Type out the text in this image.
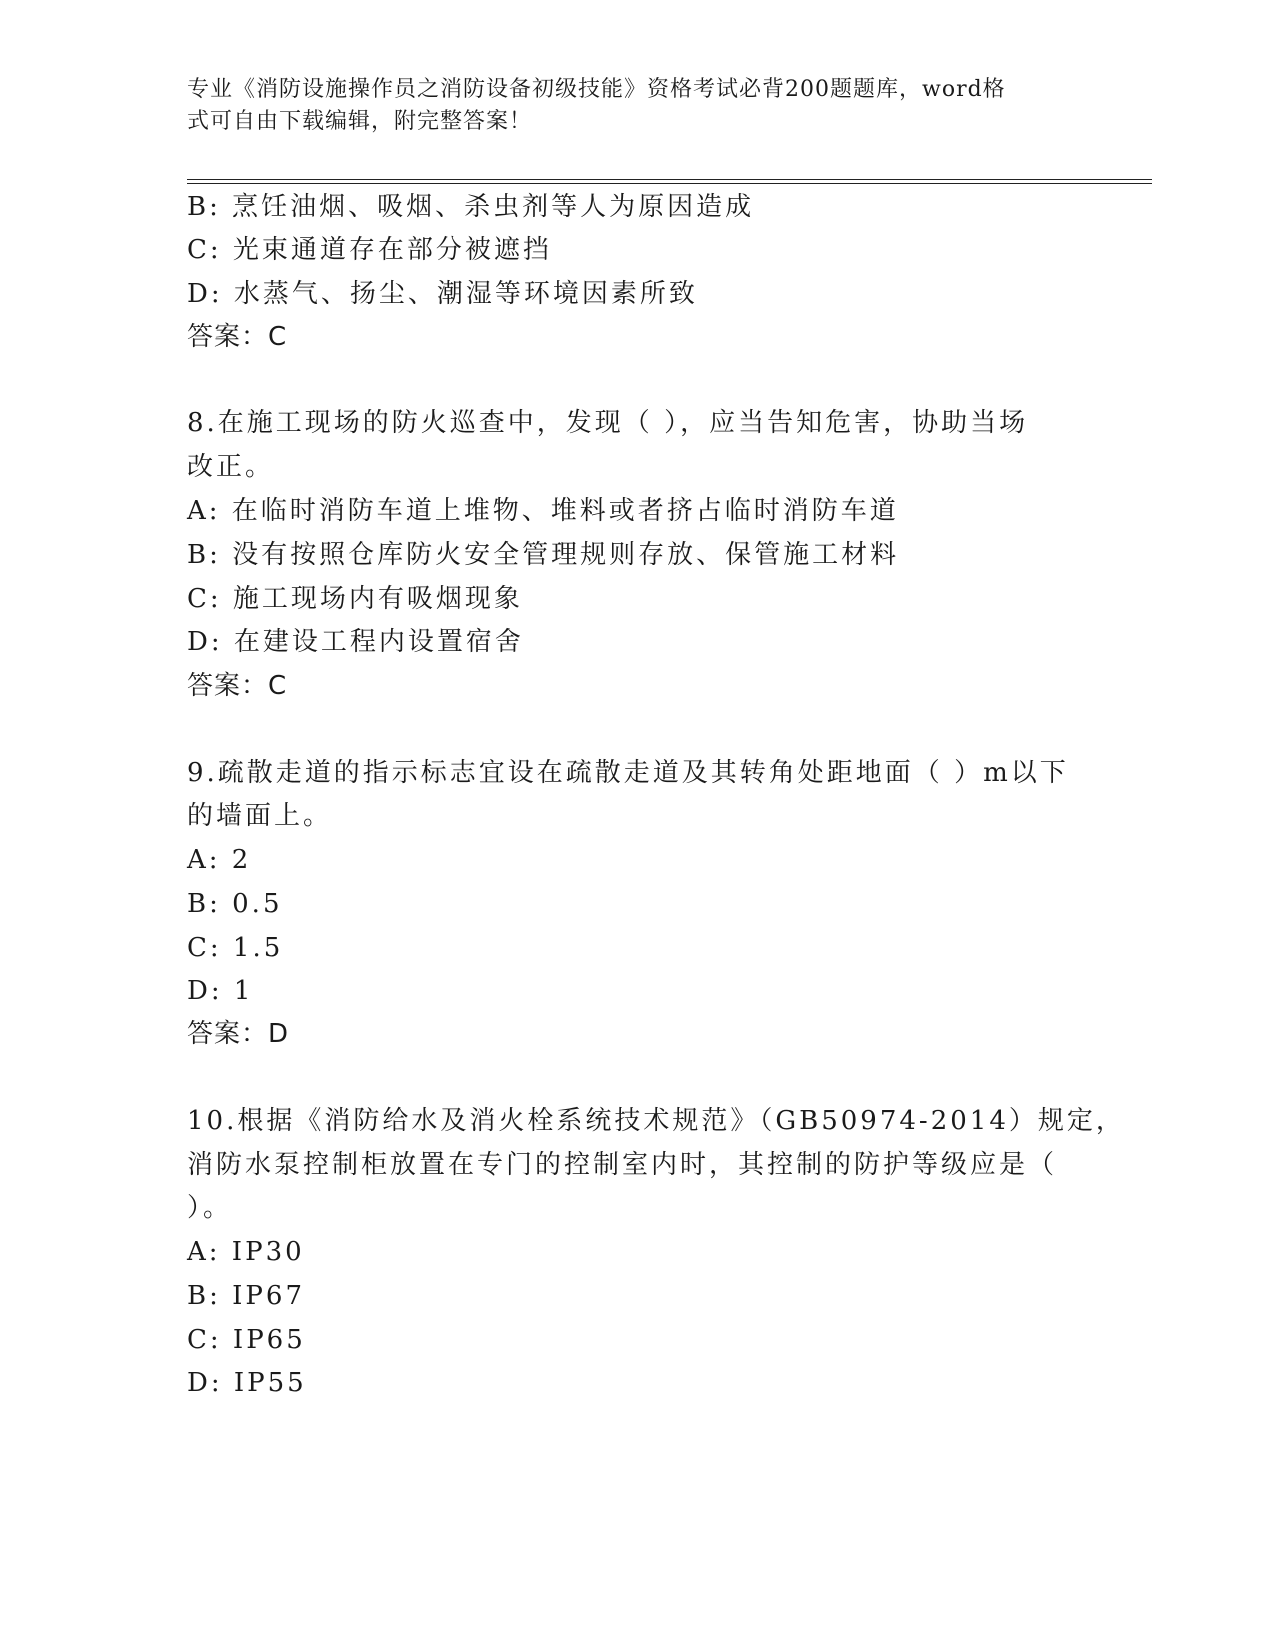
专业《消防设施操作员之消防设备初级技能》资格考试必背200题题库，word格
式可自由下载编辑，附完整答案！
B: 烹饪油烟、吸烟、杀虫剂等人为原因造成
C: 光束通道存在部分被遮挡
D: 水蒸气、扬尘、潮湿等环境因素所致
答案：C
8.在施工现场的防火巡查中，发现（ ），应当告知危害，协助当场
改正。
A: 在临时消防车道上堆物、堆料或者挤占临时消防车道
B: 没有按照仓库防火安全管理规则存放、保管施工材料
C: 施工现场内有吸烟现象
D: 在建设工程内设置宿舍
答案：C
9.疏散走道的指示标志宜设在疏散走道及其转角处距地面（ ）m以下
的墙面上。
A: 2
B: 0.5
C: 1.5
D: 1
答案：D
10.根据《消防给水及消火栓系统技术规范》（GB50974-2014）规定，
消防水泵控制柜放置在专门的控制室内时，其控制的防护等级应是（
）。
A: IP30
B: IP67
C: IP65
D: IP55
